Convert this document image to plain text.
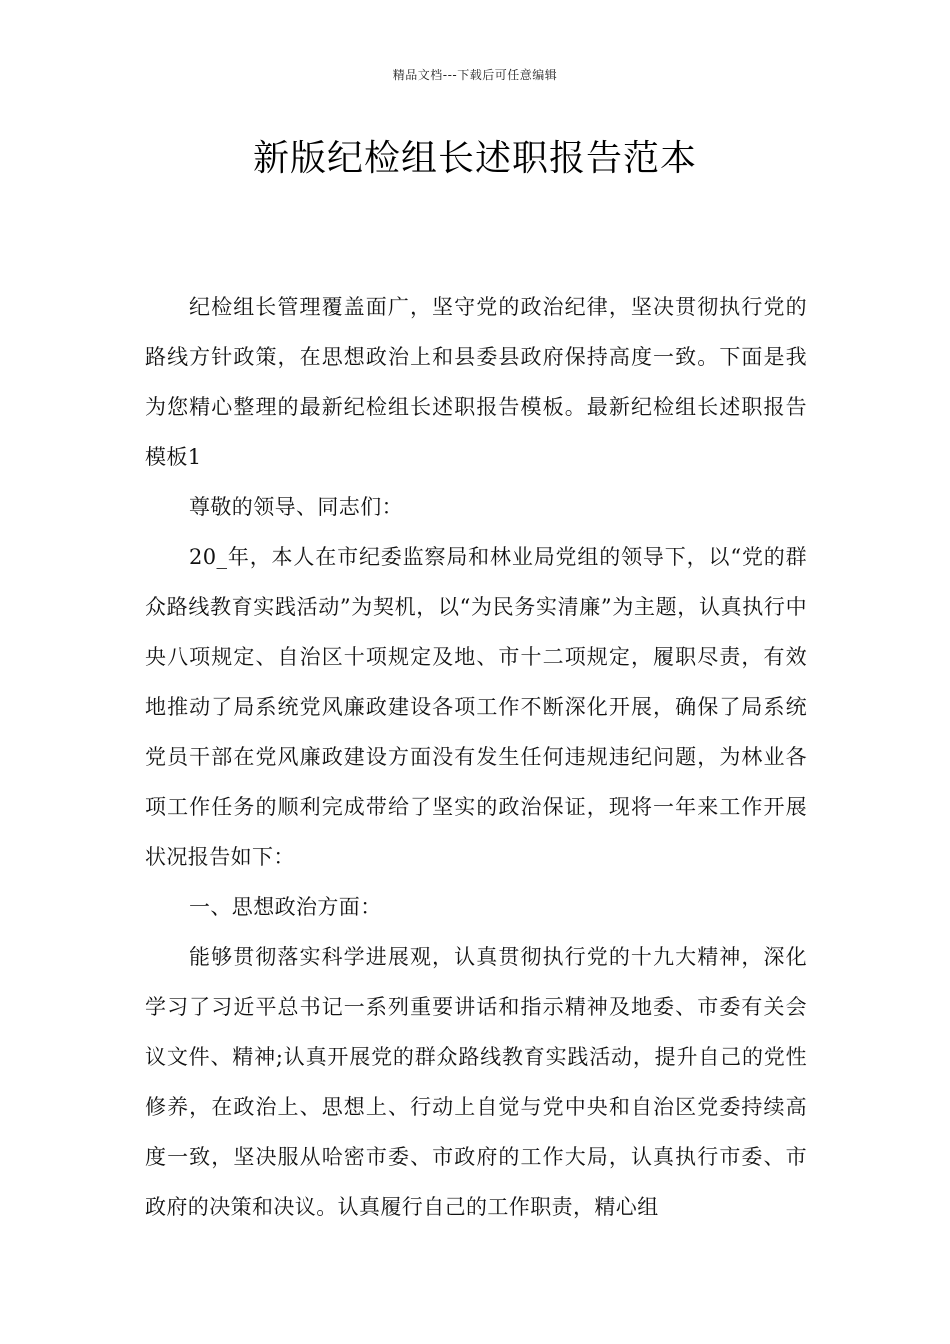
精品文档---下载后可任意编辑
新版纪检组长述职报告范本

纪检组长管理覆盖面广，坚守党的政治纪律，坚决贯彻执行党的路线方针政策，在思想政治上和县委县政府保持高度一致。下面是我为您精心整理的最新纪检组长述职报告模板。最新纪检组长述职报告模板1

尊敬的领导、同志们：

20_年，本人在市纪委监察局和林业局党组的领导下，以“党的群众路线教育实践活动”为契机，以“为民务实清廉”为主题，认真执行中央八项规定、自治区十项规定及地、市十二项规定，履职尽责，有效地推动了局系统党风廉政建设各项工作不断深化开展，确保了局系统党员干部在党风廉政建设方面没有发生任何违规违纪问题，为林业各项工作任务的顺利完成带给了坚实的政治保证，现将一年来工作开展状况报告如下：

一、思想政治方面：

能够贯彻落实科学进展观，认真贯彻执行党的十九大精神，深化学习了习近平总书记一系列重要讲话和指示精神及地委、市委有关会议文件、精神;认真开展党的群众路线教育实践活动，提升自己的党性修养，在政治上、思想上、行动上自觉与党中央和自治区党委持续高度一致，坚决服从哈密市委、市政府的工作大局，认真执行市委、市政府的决策和决议。认真履行自己的工作职责，精心组
